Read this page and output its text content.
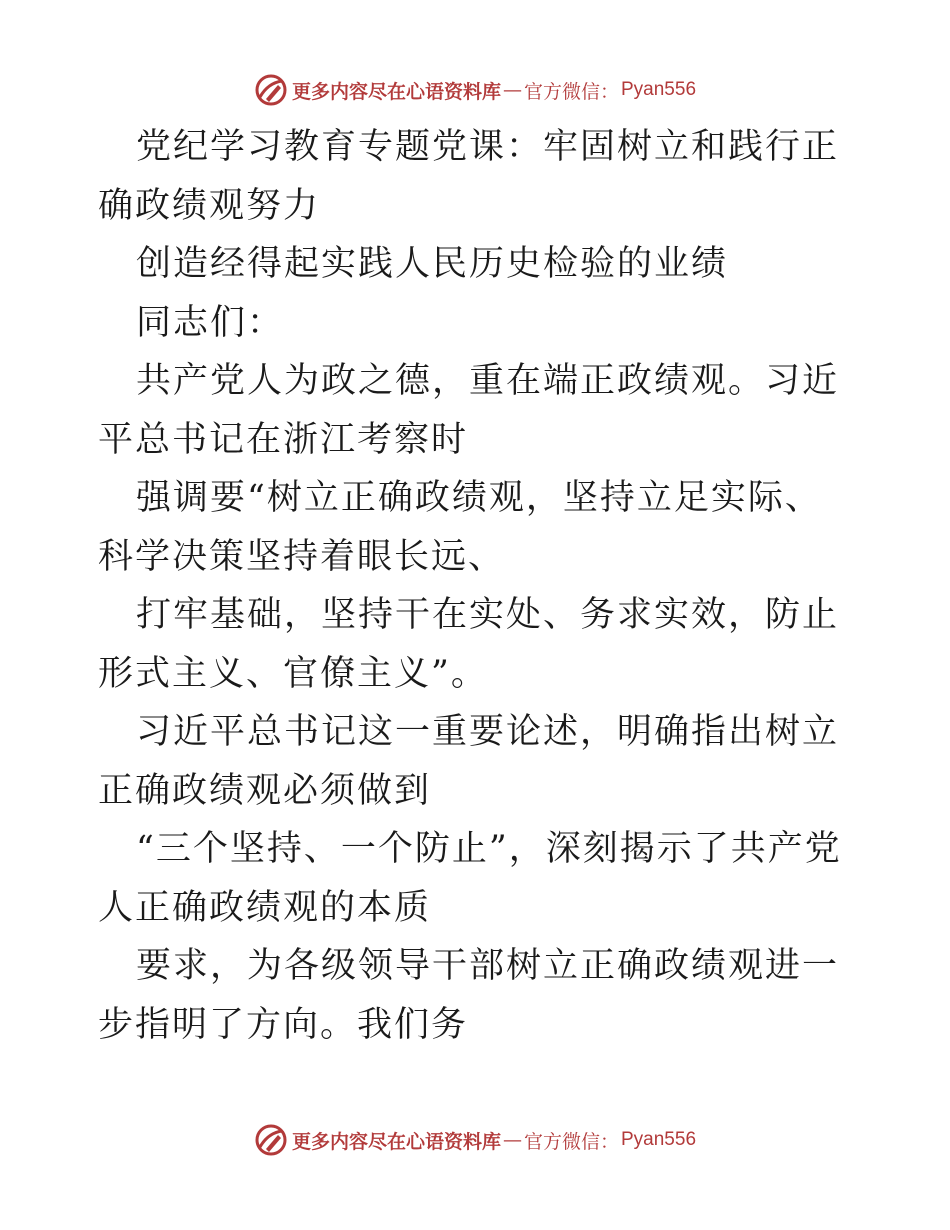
更多内容尽在心语资料库 — 官方微信： Pyan556

党纪学习教育专题党课：牢固树立和践行正确政绩观努力

创造经得起实践人民历史检验的业绩

同志们：

共产党人为政之德，重在端正政绩观。习近平总书记在浙江考察时

强调要“树立正确政绩观，坚持立足实际、科学决策坚持着眼长远、

打牢基础，坚持干在实处、务求实效，防止形式主义、官僚主义”。

习近平总书记这一重要论述，明确指出树立正确政绩观必须做到

“三个坚持、一个防止”，深刻揭示了共产党人正确政绩观的本质

要求，为各级领导干部树立正确政绩观进一步指明了方向。我们务

更多内容尽在心语资料库 — 官方微信： Pyan556
